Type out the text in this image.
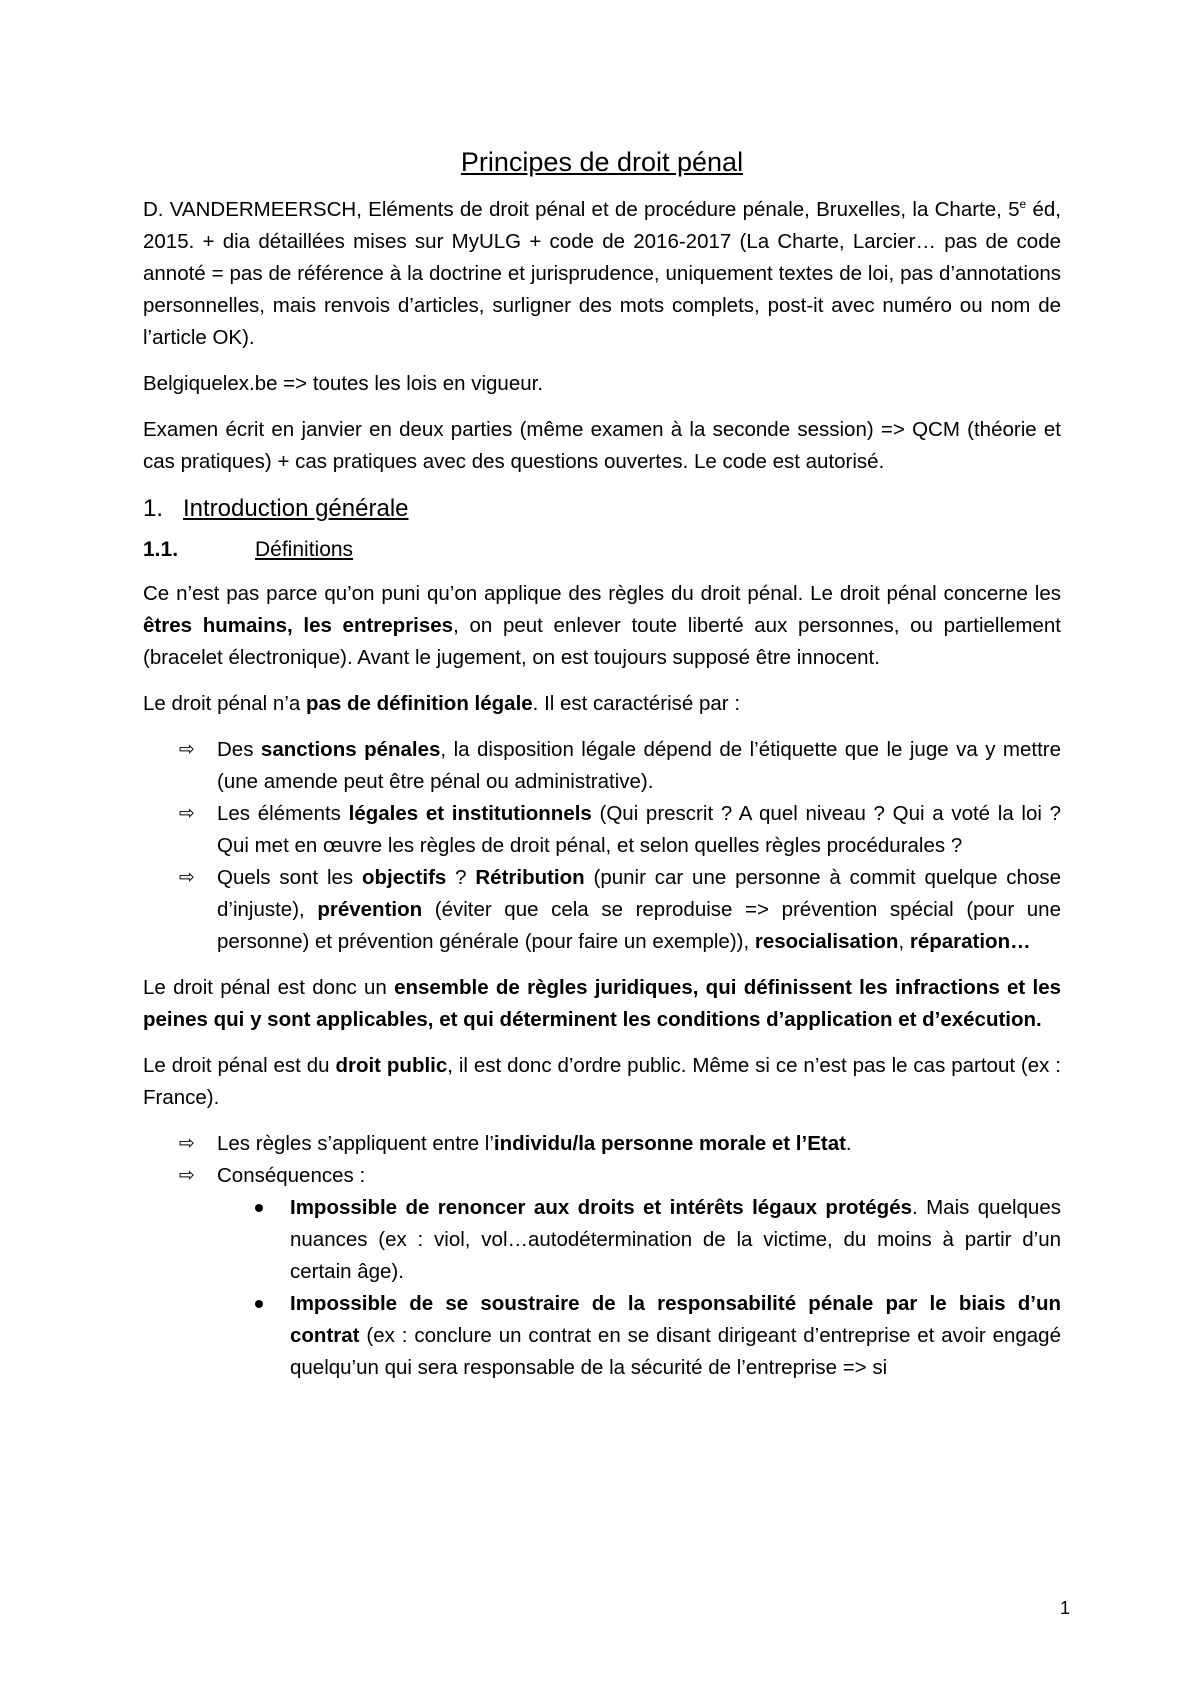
Principes de droit pénal

D. VANDERMEERSCH, Eléments de droit pénal et de procédure pénale, Bruxelles, la Charte, 5e éd, 2015. + dia détaillées mises sur MyULG + code de 2016-2017 (La Charte, Larcier… pas de code annoté = pas de référence à la doctrine et jurisprudence, uniquement textes de loi, pas d’annotations personnelles, mais renvois d’articles, surligner des mots complets, post-it avec numéro ou nom de l’article OK).

Belgiquelex.be => toutes les lois en vigueur.

Examen écrit en janvier en deux parties (même examen à la seconde session) => QCM (théorie et cas pratiques) + cas pratiques avec des questions ouvertes. Le code est autorisé.

1. Introduction générale
1.1.	Définitions

Ce n’est pas parce qu’on puni qu’on applique des règles du droit pénal. Le droit pénal concerne les êtres humains, les entreprises, on peut enlever toute liberté aux personnes, ou partiellement (bracelet électronique). Avant le jugement, on est toujours supposé être innocent.

Le droit pénal n’a pas de définition légale. Il est caractérisé par :

⇨	Des sanctions pénales, la disposition légale dépend de l’étiquette que le juge va y mettre (une amende peut être pénal ou administrative).
⇨	Les éléments légales et institutionnels (Qui prescrit ? A quel niveau ? Qui a voté la loi ? Qui met en œuvre les règles de droit pénal, et selon quelles règles procédurales ?
⇨	Quels sont les objectifs ? Rétribution (punir car une personne à commit quelque chose d’injuste), prévention (éviter que cela se reproduise => prévention spécial (pour une personne) et prévention générale (pour faire un exemple)), resocialisation, réparation…

Le droit pénal est donc un ensemble de règles juridiques, qui définissent les infractions et les peines qui y sont applicables, et qui déterminent les conditions d’application et d’exécution.

Le droit pénal est du droit public, il est donc d’ordre public. Même si ce n’est pas le cas partout (ex : France).

⇨	Les règles s’appliquent entre l’individu/la personne morale et l’Etat.
⇨	Conséquences :
Impossible de renoncer aux droits et intérêts légaux protégés. Mais quelques nuances (ex : viol, vol…autodétermination de la victime, du moins à partir d’un certain âge).
Impossible de se soustraire de la responsabilité pénale par le biais d’un contrat (ex : conclure un contrat en se disant dirigeant d’entreprise et avoir engagé quelqu’un qui sera responsable de la sécurité de l’entreprise => si
1
